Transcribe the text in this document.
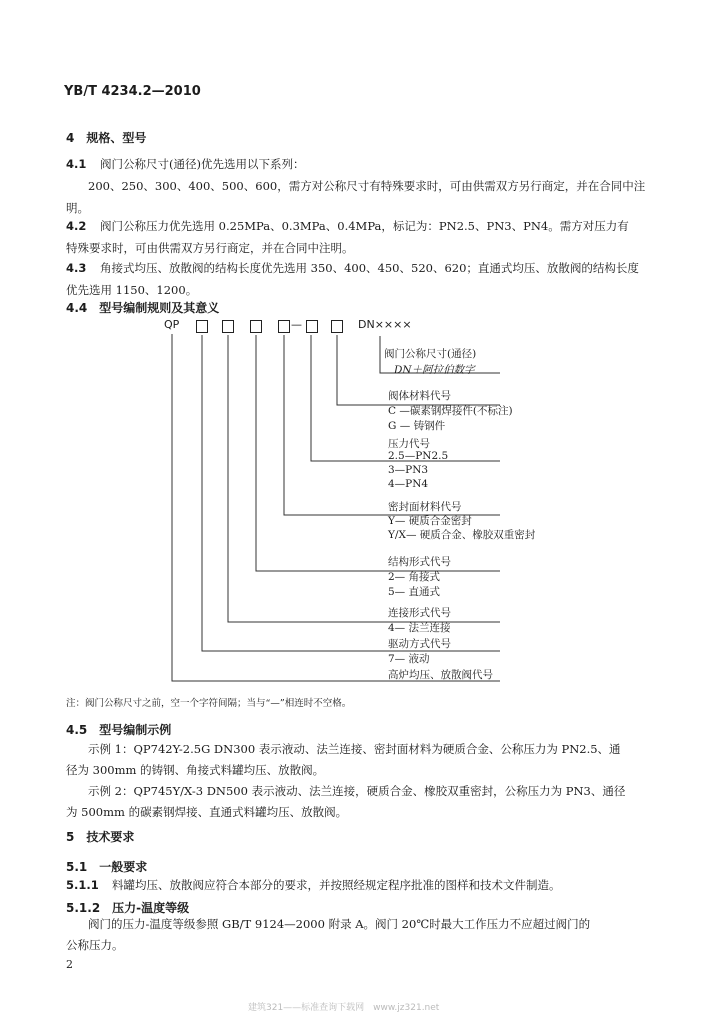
YB/T 4234.2—2010
4　规格、型号
4.1 阀门公称尺寸(通径)优先选用以下系列：
200、250、300、400、500、600，需方对公称尺寸有特殊要求时，可由供需双方另行商定，并在合同中注
明。
4.2 阀门公称压力优先选用 0.25MPa、0.3MPa、0.4MPa，标记为：PN2.5、PN3、PN4。需方对压力有
特殊要求时，可由供需双方另行商定，并在合同中注明。
4.3 角接式均压、放散阀的结构长度优先选用 350、400、450、520、620；直通式均压、放散阀的结构长度
优先选用 1150、1200。
4.4　型号编制规则及其意义
QP	—	DN××××
阀门公称尺寸(通径)
DN＋阿拉伯数字
阀体材料代号
C —碳素钢焊接件(不标注)
G — 铸钢件
压力代号
2.5—PN2.5
3—PN3
4—PN4
密封面材料代号
Y— 硬质合金密封
Y/X— 硬质合金、橡胶双重密封
结构形式代号
2— 角接式
5— 直通式
连接形式代号
4— 法兰连接
驱动方式代号
7— 液动
高炉均压、放散阀代号
注：阀门公称尺寸之前，空一个字符间隔；当与“—”相连时不空格。
4.5　型号编制示例
示例 1：QP742Y-2.5G DN300 表示液动、法兰连接、密封面材料为硬质合金、公称压力为 PN2.5、通
径为 300mm 的铸钢、角接式料罐均压、放散阀。
示例 2：QP745Y/X-3 DN500 表示液动、法兰连接，硬质合金、橡胶双重密封，公称压力为 PN3、通径
为 500mm 的碳素钢焊接、直通式料罐均压、放散阀。
5　技术要求
5.1　一般要求
5.1.1 料罐均压、放散阀应符合本部分的要求，并按照经规定程序批准的图样和技术文件制造。
5.1.2　压力-温度等级
阀门的压力-温度等级参照 GB/T 9124—2000 附录 A。阀门 20℃时最大工作压力不应超过阀门的
公称压力。
2
建筑321——标准查询下载网　www.jz321.net
